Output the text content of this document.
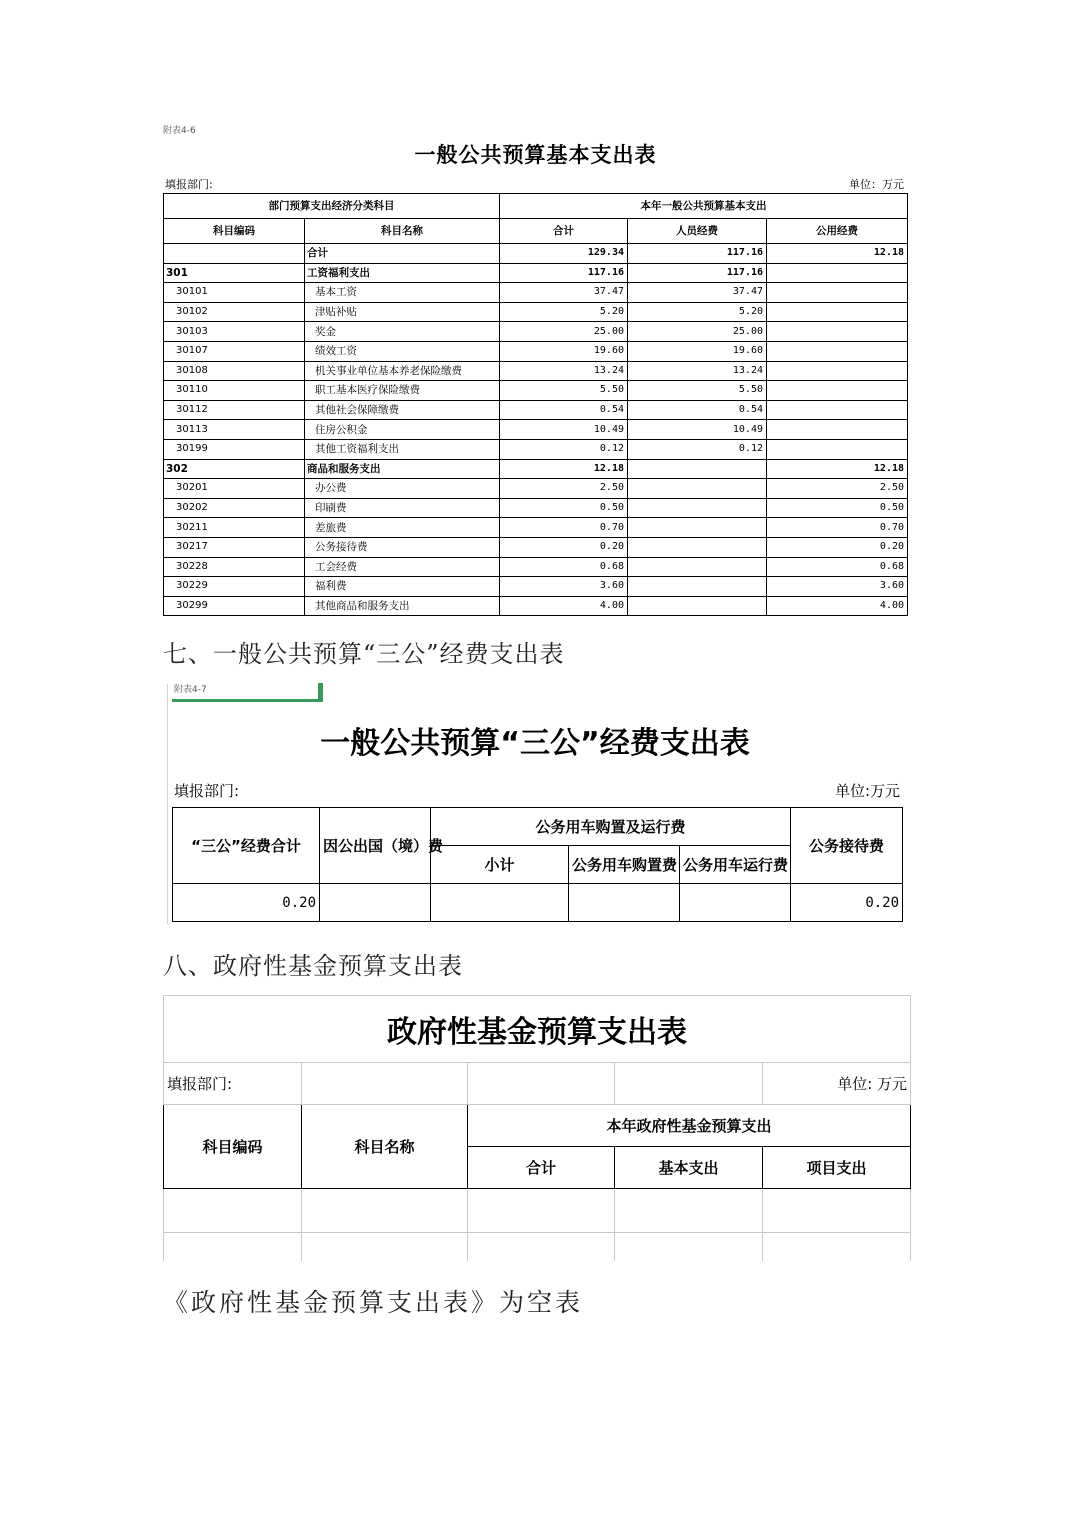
附表4-6
一般公共预算基本支出表
填报部门:	单位：万元
部门预算支出经济分类科目		本年一般公共预算基本支出		
科目编码	科目名称	合计	人员经费	公用经费
	合计	129.34	117.16	12.18
301	工资福利支出	117.16	117.16	
30101	基本工资	37.47	37.47	
30102	津贴补贴	5.20	5.20	
30103	奖金	25.00	25.00	
30107	绩效工资	19.60	19.60	
30108	机关事业单位基本养老保险缴费	13.24	13.24	
30110	职工基本医疗保险缴费	5.50	5.50	
30112	其他社会保障缴费	0.54	0.54	
30113	住房公积金	10.49	10.49	
30199	其他工资福利支出	0.12	0.12	
302	商品和服务支出	12.18		12.18
30201	办公费	2.50		2.50
30202	印刷费	0.50		0.50
30211	差旅费	0.70		0.70
30217	公务接待费	0.20		0.20
30228	工会经费	0.68		0.68
30229	福利费	3.60		3.60
30299	其他商品和服务支出	4.00		4.00
七、一般公共预算“三公”经费支出表
附表4-7
一般公共预算“三公”经费支出表
填报部门:	单位:万元
“三公”经费合计	因公出国（境）费	公务用车购置及运行费			公务接待费
		小计	公务用车购置费	公务用车运行费	
0.20					0.20
八、政府性基金预算支出表
政府性基金预算支出表				
填报部门:				单位: 万元
科目编码	科目名称	本年政府性基金预算支出		
		合计	基本支出	项目支出

《政府性基金预算支出表》为空表
